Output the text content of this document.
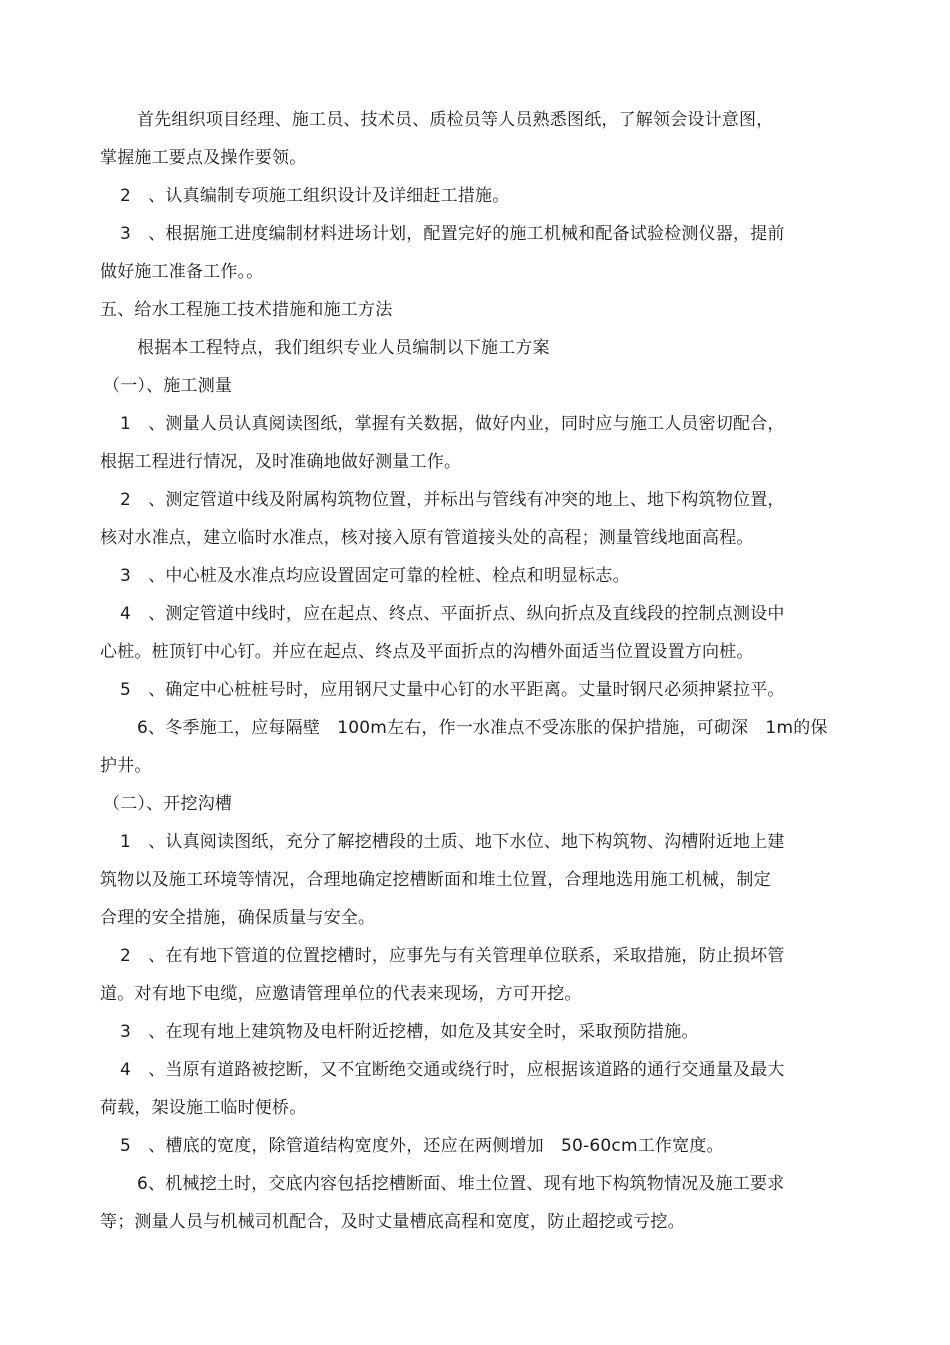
首先组织项目经理、施工员、技术员、质检员等人员熟悉图纸，了解领会设计意图，
掌握施工要点及操作要领。
2　、认真编制专项施工组织设计及详细赶工措施。
3　、根据施工进度编制材料进场计划，配置完好的施工机械和配备试验检测仪器，提前
做好施工准备工作。。
五、给水工程施工技术措施和施工方法
根据本工程特点，我们组织专业人员编制以下施工方案
（一）、施工测量
1　、测量人员认真阅读图纸，掌握有关数据，做好内业，同时应与施工人员密切配合，
根据工程进行情况，及时准确地做好测量工作。
2　、测定管道中线及附属构筑物位置，并标出与管线有冲突的地上、地下构筑物位置，
核对水准点，建立临时水准点，核对接入原有管道接头处的高程；测量管线地面高程。
3　、中心桩及水准点均应设置固定可靠的栓桩、栓点和明显标志。
4　、测定管道中线时，应在起点、终点、平面折点、纵向折点及直线段的控制点测设中
心桩。桩顶钉中心钉。并应在起点、终点及平面折点的沟槽外面适当位置设置方向桩。
5　、确定中心桩桩号时，应用钢尺丈量中心钉的水平距离。丈量时钢尺必须抻紧拉平。
6、冬季施工，应每隔壁　100m左右，作一水准点不受冻胀的保护措施，可砌深　1m的保
护井。
（二）、开挖沟槽
1　、认真阅读图纸，充分了解挖槽段的土质、地下水位、地下构筑物、沟槽附近地上建
筑物以及施工环境等情况，合理地确定挖槽断面和堆土位置，合理地选用施工机械，制定
合理的安全措施，确保质量与安全。
2　、在有地下管道的位置挖槽时，应事先与有关管理单位联系，采取措施，防止损坏管
道。对有地下电缆，应邀请管理单位的代表来现场，方可开挖。
3　、在现有地上建筑物及电杆附近挖槽，如危及其安全时，采取预防措施。
4　、当原有道路被挖断，又不宜断绝交通或绕行时，应根据该道路的通行交通量及最大
荷载，架设施工临时便桥。
5　、槽底的宽度，除管道结构宽度外，还应在两侧增加　50-60cm工作宽度。
6、机械挖土时，交底内容包括挖槽断面、堆土位置、现有地下构筑物情况及施工要求
等；测量人员与机械司机配合，及时丈量槽底高程和宽度，防止超挖或亏挖。
